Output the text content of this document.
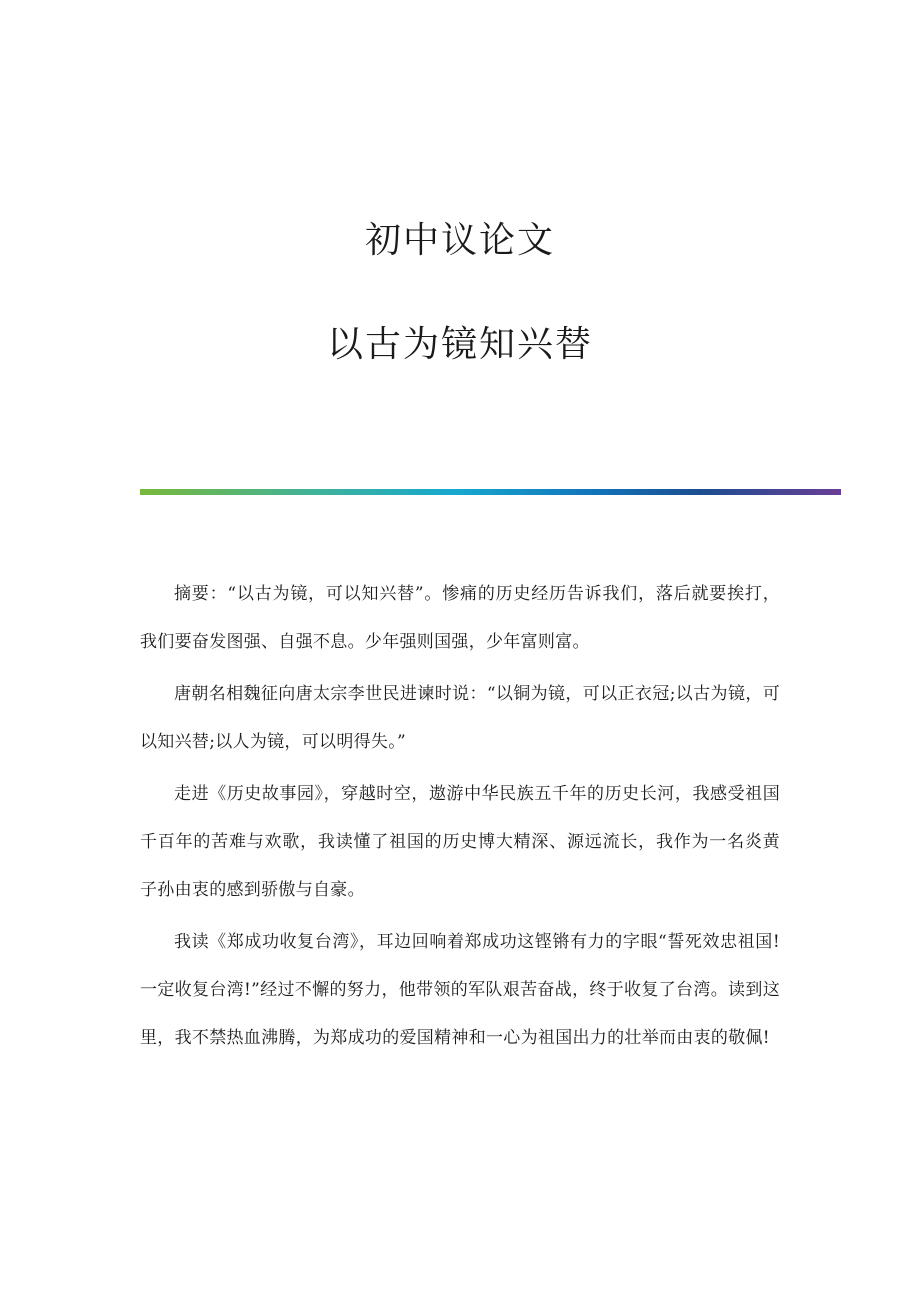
初中议论文
以古为镜知兴替

摘要：“以古为镜，可以知兴替”。惨痛的历史经历告诉我们，落后就要挨打，我们要奋发图强、自强不息。少年强则国强，少年富则富。

唐朝名相魏征向唐太宗李世民进谏时说：“以铜为镜，可以正衣冠;以古为镜，可以知兴替;以人为镜，可以明得失。”

走进《历史故事园》，穿越时空，遨游中华民族五千年的历史长河，我感受祖国千百年的苦难与欢歌，我读懂了祖国的历史博大精深、源远流长，我作为一名炎黄子孙由衷的感到骄傲与自豪。

我读《郑成功收复台湾》，耳边回响着郑成功这铿锵有力的字眼“誓死效忠祖国!一定收复台湾!”经过不懈的努力，他带领的军队艰苦奋战，终于收复了台湾。读到这里，我不禁热血沸腾，为郑成功的爱国精神和一心为祖国出力的壮举而由衷的敬佩!
